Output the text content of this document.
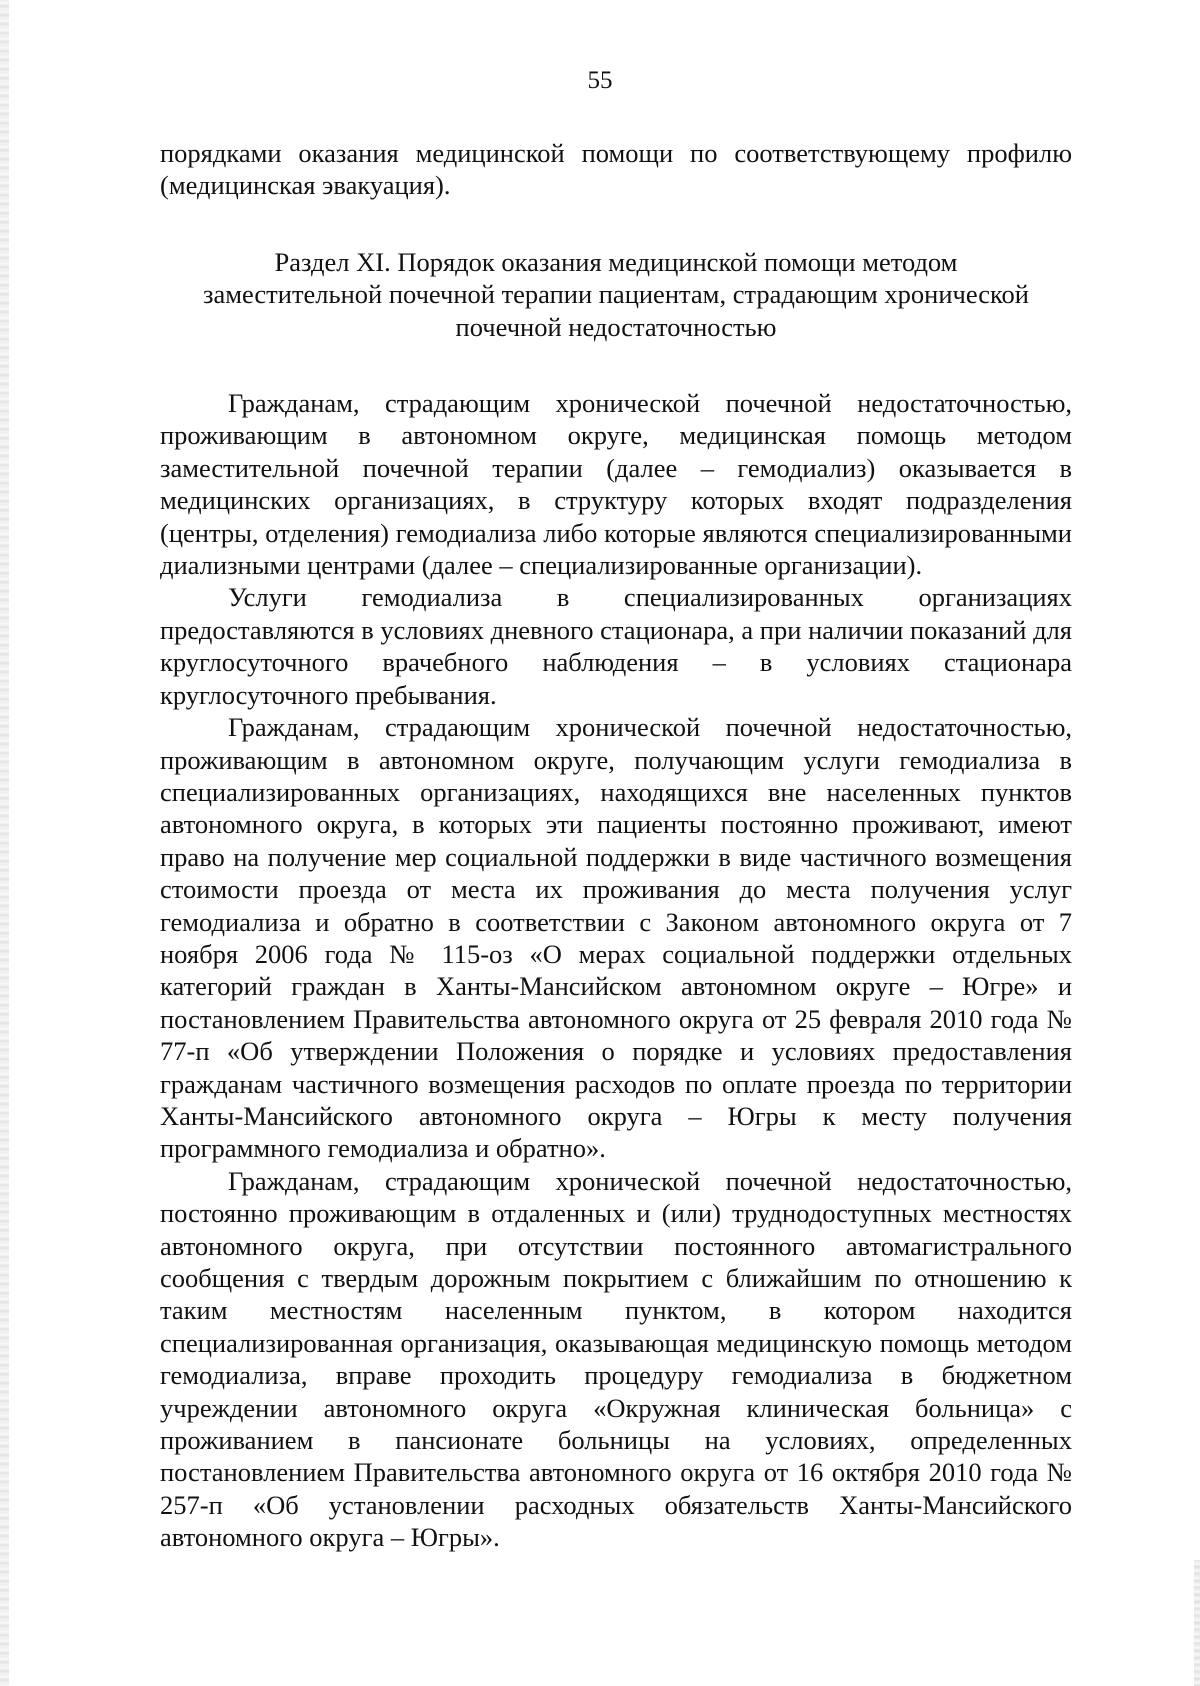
55

порядками оказания медицинской помощи по соответствующему профилю (медицинская эвакуация).

Раздел XI. Порядок оказания медицинской помощи методом заместительной почечной терапии пациентам, страдающим хронической почечной недостаточностью

Гражданам, страдающим хронической почечной недостаточностью, проживающим в автономном округе, медицинская помощь методом заместительной почечной терапии (далее – гемодиализ) оказывается в медицинских организациях, в структуру которых входят подразделения (центры, отделения) гемодиализа либо которые являются специализированными диализными центрами (далее – специализированные организации).

Услуги гемодиализа в специализированных организациях предоставляются в условиях дневного стационара, а при наличии показаний для круглосуточного врачебного наблюдения – в условиях стационара круглосуточного пребывания.

Гражданам, страдающим хронической почечной недостаточностью, проживающим в автономном округе, получающим услуги гемодиализа в специализированных организациях, находящихся вне населенных пунктов автономного округа, в которых эти пациенты постоянно проживают, имеют право на получение мер социальной поддержки в виде частичного возмещения стоимости проезда от места их проживания до места получения услуг гемодиализа и обратно в соответствии с Законом автономного округа от 7 ноября 2006 года № 115-оз «О мерах социальной поддержки отдельных категорий граждан в Ханты-Мансийском автономном округе – Югре» и постановлением Правительства автономного округа от 25 февраля 2010 года № 77-п «Об утверждении Положения о порядке и условиях предоставления гражданам частичного возмещения расходов по оплате проезда по территории Ханты-Мансийского автономного округа – Югры к месту получения программного гемодиализа и обратно».

Гражданам, страдающим хронической почечной недостаточностью, постоянно проживающим в отдаленных и (или) труднодоступных местностях автономного округа, при отсутствии постоянного автомагистрального сообщения с твердым дорожным покрытием с ближайшим по отношению к таким местностям населенным пунктом, в котором находится специализированная организация, оказывающая медицинскую помощь методом гемодиализа, вправе проходить процедуру гемодиализа в бюджетном учреждении автономного округа «Окружная клиническая больница» с проживанием в пансионате больницы на условиях, определенных постановлением Правительства автономного округа от 16 октября 2010 года № 257-п «Об установлении расходных обязательств Ханты-Мансийского автономного округа – Югры».
